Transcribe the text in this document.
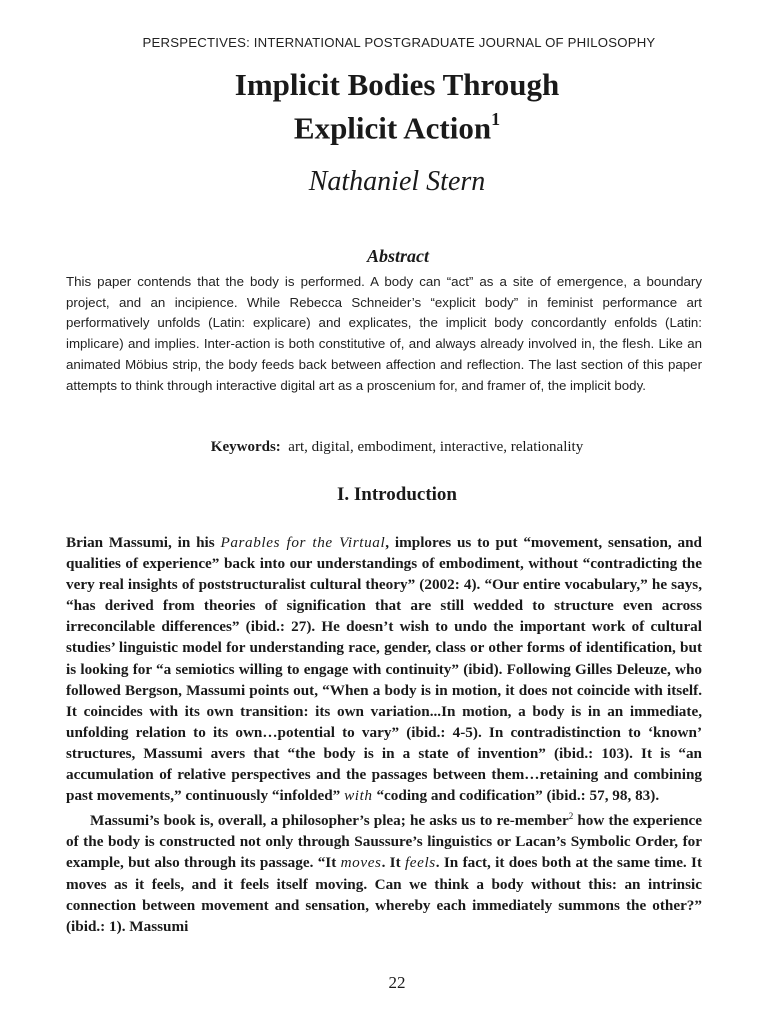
PERSPECTIVES: INTERNATIONAL POSTGRADUATE JOURNAL OF PHILOSOPHY
Implicit Bodies Through
Explicit Action$^1$
Nathaniel Stern
Abstract
This paper contends that the body is performed. A body can “act” as a site of emergence, a boundary project, and an incipience. While Rebecca Schneider’s “explicit body” in feminist performance art performatively unfolds (Latin: explicare) and explicates, the implicit body concordantly enfolds (Latin: implicare) and implies. Inter-action is both constitutive of, and always already involved in, the flesh. Like an animated Möbius strip, the body feeds back between affection and reflection. The last section of this paper attempts to think through interactive digital art as a proscenium for, and framer of, the implicit body.
Keywords: art, digital, embodiment, interactive, relationality
I. Introduction

Brian Massumi, in his Parables for the Virtual, implores us to put “movement, sensation, and qualities of experience” back into our understandings of embodiment, without “contradicting the very real insights of poststructuralist cultural theory” (2002: 4). “Our entire vocabulary,” he says, “has derived from theories of signification that are still wedded to structure even across irreconcilable differences” (ibid.: 27). He doesn’t wish to undo the important work of cultural studies’ linguistic model for understanding race, gender, class or other forms of identification, but is looking for “a semiotics willing to engage with continuity” (ibid). Following Gilles Deleuze, who followed Bergson, Massumi points out, “When a body is in motion, it does not coincide with itself. It coincides with its own transition: its own variation...In motion, a body is in an immediate, unfolding relation to its own…potential to vary” (ibid.: 4-5). In contradistinction to ‘known’ structures, Massumi avers that “the body is in a state of invention” (ibid.: 103). It is “an accumulation of relative perspectives and the passages between them…retaining and combining past movements,” continuously “infolded” with “coding and codification” (ibid.: 57, 98, 83).

Massumi’s book is, overall, a philosopher’s plea; he asks us to re-member$^2$ how the experience of the body is constructed not only through Saussure’s linguistics or Lacan’s Symbolic Order, for example, but also through its passage. “It moves. It feels. In fact, it does both at the same time. It moves as it feels, and it feels itself moving. Can we think a body without this: an intrinsic connection between movement and sensation, whereby each immediately summons the other?” (ibid.: 1). Massumi

22
